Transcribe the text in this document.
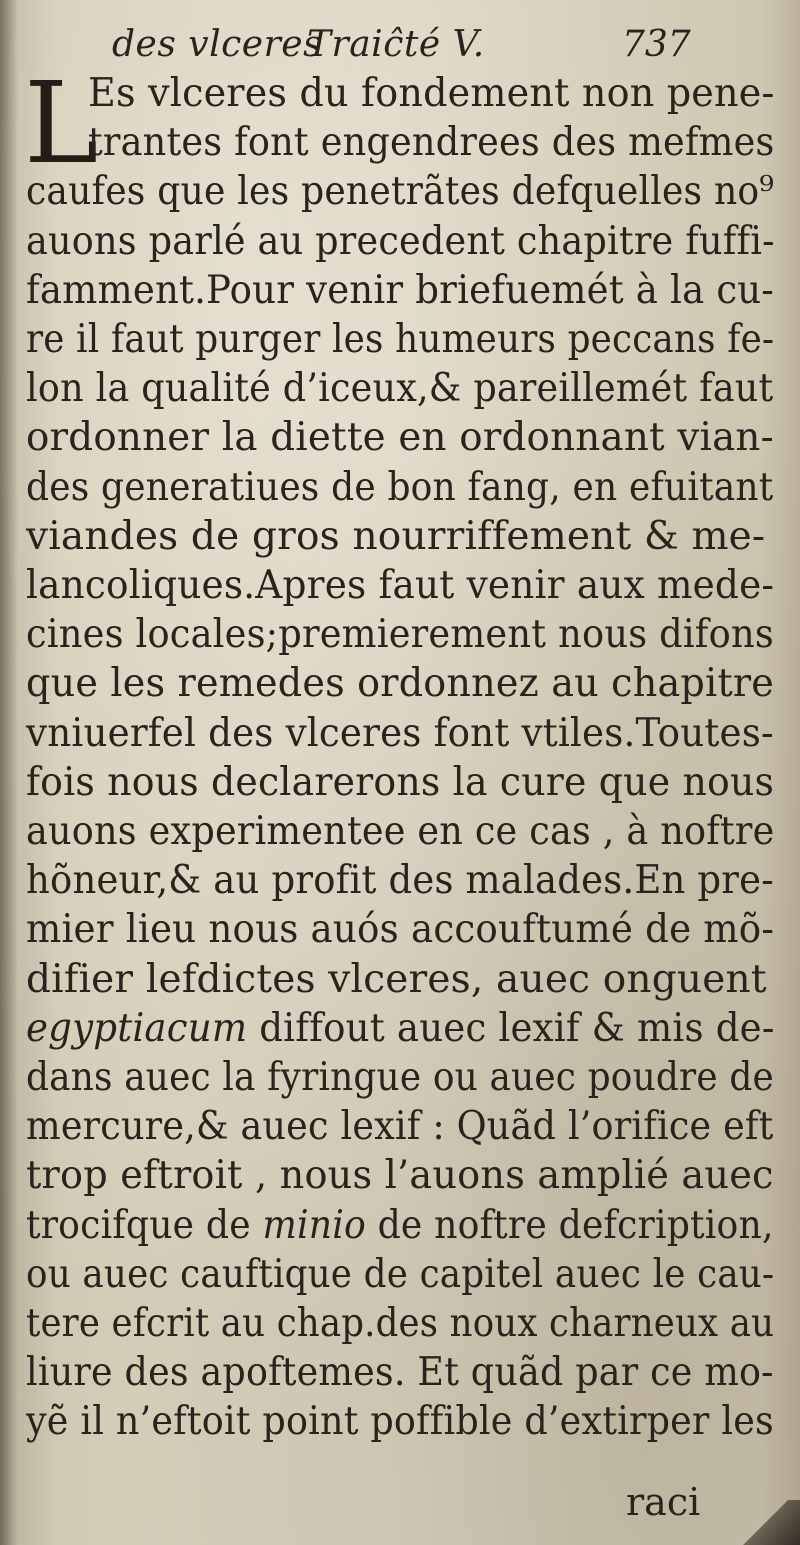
des vlceres
Traiĉté V.	737
L
Es vlceres du fondement non pene-
trantes font engendrees des mefmes
caufes que les penetrãtes defquelles no⁹
auons parlé au precedent chapitre fuffi-
famment.Pour venir briefuemét à la cu-
re il faut purger les humeurs peccans fe-
lon la qualité d’iceux,& pareillemét faut
ordonner la diette en ordonnant vian-
des generatiues de bon fang, en efuitant
viandes de gros nourriffement & me-
lancoliques.Apres faut venir aux mede-
cines locales;premierement nous difons
que les remedes ordonnez au chapitre
vniuerfel des vlceres font vtiles.Toutes-
fois nous declarerons la cure que nous
auons experimentee en ce cas , à noftre
hõneur,& au profit des malades.En pre-
mier lieu nous auós accouftumé de mõ-
difier lefdictes vlceres, auec onguent
egyptiacum diffout auec lexif & mis de-
dans auec la fyringue ou auec poudre de
mercure,& auec lexif : Quãd l’orifice eft
trop eftroit , nous l’auons amplié auec
trocifque de minio de noftre defcription,
ou auec cauftique de capitel auec le cau-
tere efcrit au chap.des noux charneux au
liure des apoftemes. Et quãd par ce mo-
yẽ il n’eftoit point poffible d’extirper les
raci
